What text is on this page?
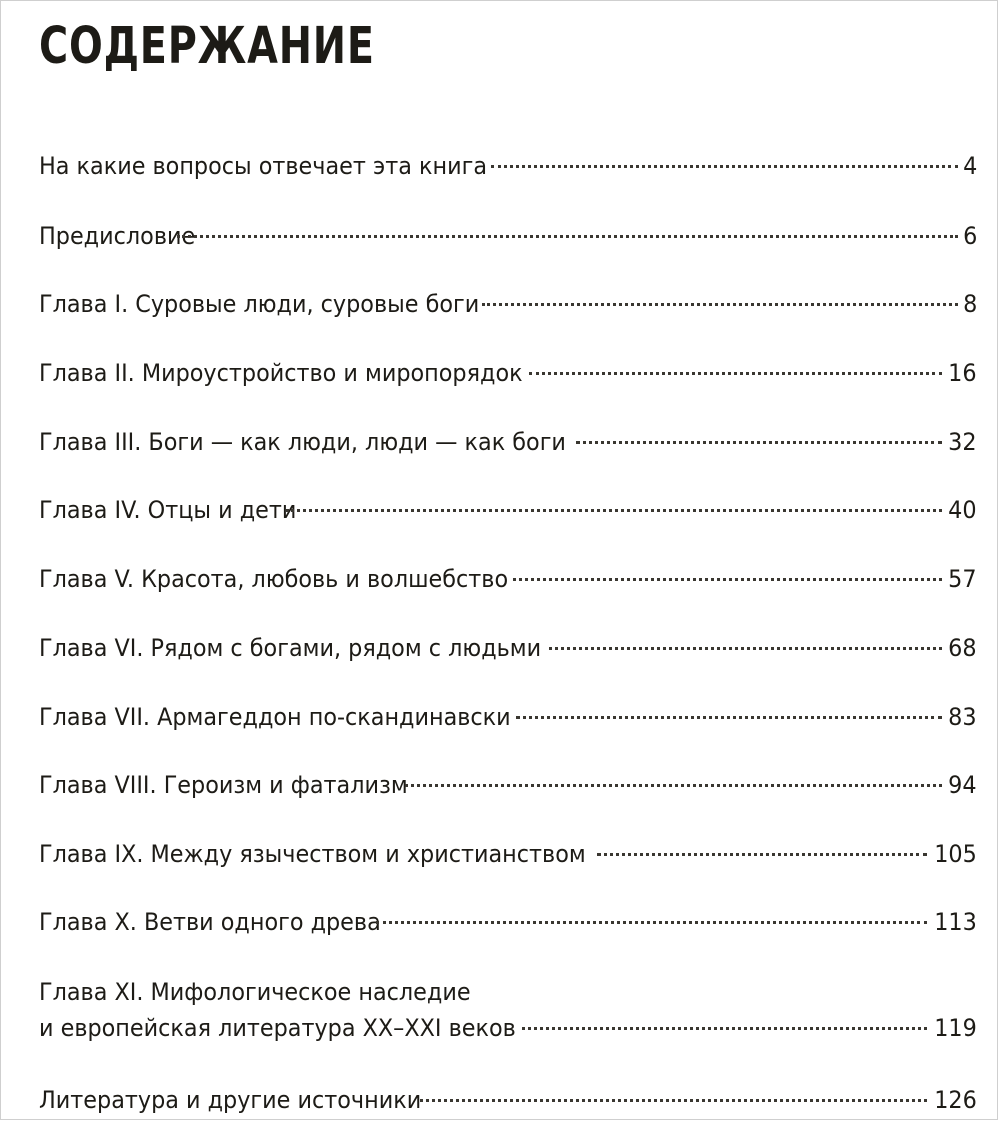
СОДЕРЖАНИЕ
На какие вопросы отвечает эта книга	4
Предисловие	6
Глава I. Суровые люди, суровые боги	8
Глава II. Мироустройство и миропорядок	16
Глава III. Боги — как люди, люди — как боги	32
Глава IV. Отцы и дети	40
Глава V. Красота, любовь и волшебство	57
Глава VI. Рядом с богами, рядом с людьми	68
Глава VII. Армагеддон по-скандинавски	83
Глава VIII. Героизм и фатализм	94
Глава IX. Между язычеством и христианством	105
Глава X. Ветви одного древа	113
Глава XI. Мифологическое наследие
и европейская литература XX–XXI веков	119
Литература и другие источники	126
